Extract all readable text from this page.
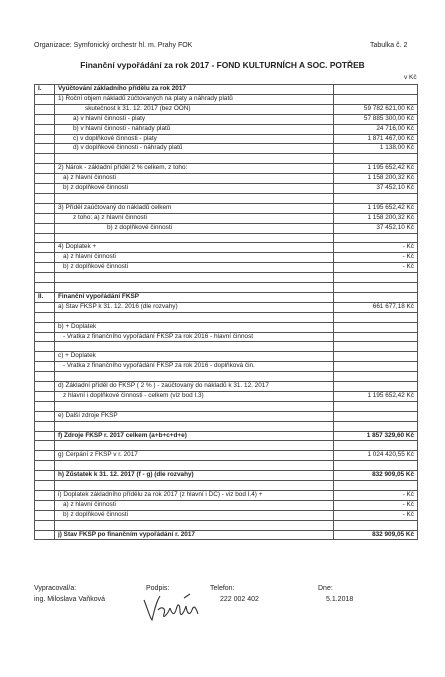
Organizace: Symfonický orchestr hl. m. Prahy FOK	Tabulka č. 2
Finanční vypořádání za rok 2017 - FOND KULTURNÍCH A SOC. POTŘEB
v Kč
I.	Vyúčtování základního přídělu za rok 2017	
	1) Roční objem nákladů zúčtovaných na platy a náhrady platů	
	skutečnost k 31. 12. 2017 (bez OON)	59 782 621,00 Kč
	a) v hlavní činnosti - platy	57 885 300,00 Kč
	b) v hlavní činnosti - náhrady platů	24 716,00 Kč
	c) v doplňkové činnosti - platy	1 871 467,00 Kč
	d) v doplňkové činnosti - náhrady platů	1 138,00 Kč

	2) Nárok - základní příděl 2 % celkem, z toho:	1 195 652,42 Kč
	a) z hlavní činnosti	1 158 200,32 Kč
	b) z doplňkové činnosti	37 452,10 Kč

	3) Příděl zaúčtovaný do nákladů celkem	1 195 652,42 Kč
	z toho: a) z hlavní činnosti	1 158 200,32 Kč
	b) z doplňkové činnosti	37 452,10 Kč

	4) Doplatek +	- Kč
	a) z hlavní činnosti	- Kč
	b) z doplňkové činnosti	- Kč

II.	Finanční vypořádání FKSP	
	a) Stav FKSP k 31. 12. 2016 (dle rozvahy)	661 677,18 Kč

	b) + Doplatek	
	- Vratka z finančního vypořádání FKSP za rok 2016 - hlavní činnost	

	c) + Doplatek	
	- Vratka z finančního vypořádání FKSP za rok 2016 - doplňková čin.	

	d) Základní příděl do FKSP ( 2 % ) - zaúčtovaný do nákladů k 31. 12. 2017	
	z hlavní i doplňkové činnosti - celkem (viz bod I.3)	1 195 652,42 Kč

	e) Další zdroje FKSP	

	f) Zdroje FKSP r. 2017 celkem (a+b+c+d+e)	1 857 329,60 Kč

	g) Čerpání z FKSP v r. 2017	1 024 420,55 Kč

	h) Zůstatek k 31. 12. 2017 (f - g) (dle rozvahy)	832 909,05 Kč

	i) Doplatek základního přídělu za rok 2017 (z hlavní i DČ) - viz bod I.4) +	- Kč
	a) z hlavní činnosti	- Kč
	b) z doplňkové činnosti	- Kč

	j) Stav FKSP po finančním vypořádání r. 2017	832 909,05 Kč
Vypracoval/a:
ing. Miloslava Vaňková
Podpis:	Telefon:
222 002 402
Dne:
5.1.2018
